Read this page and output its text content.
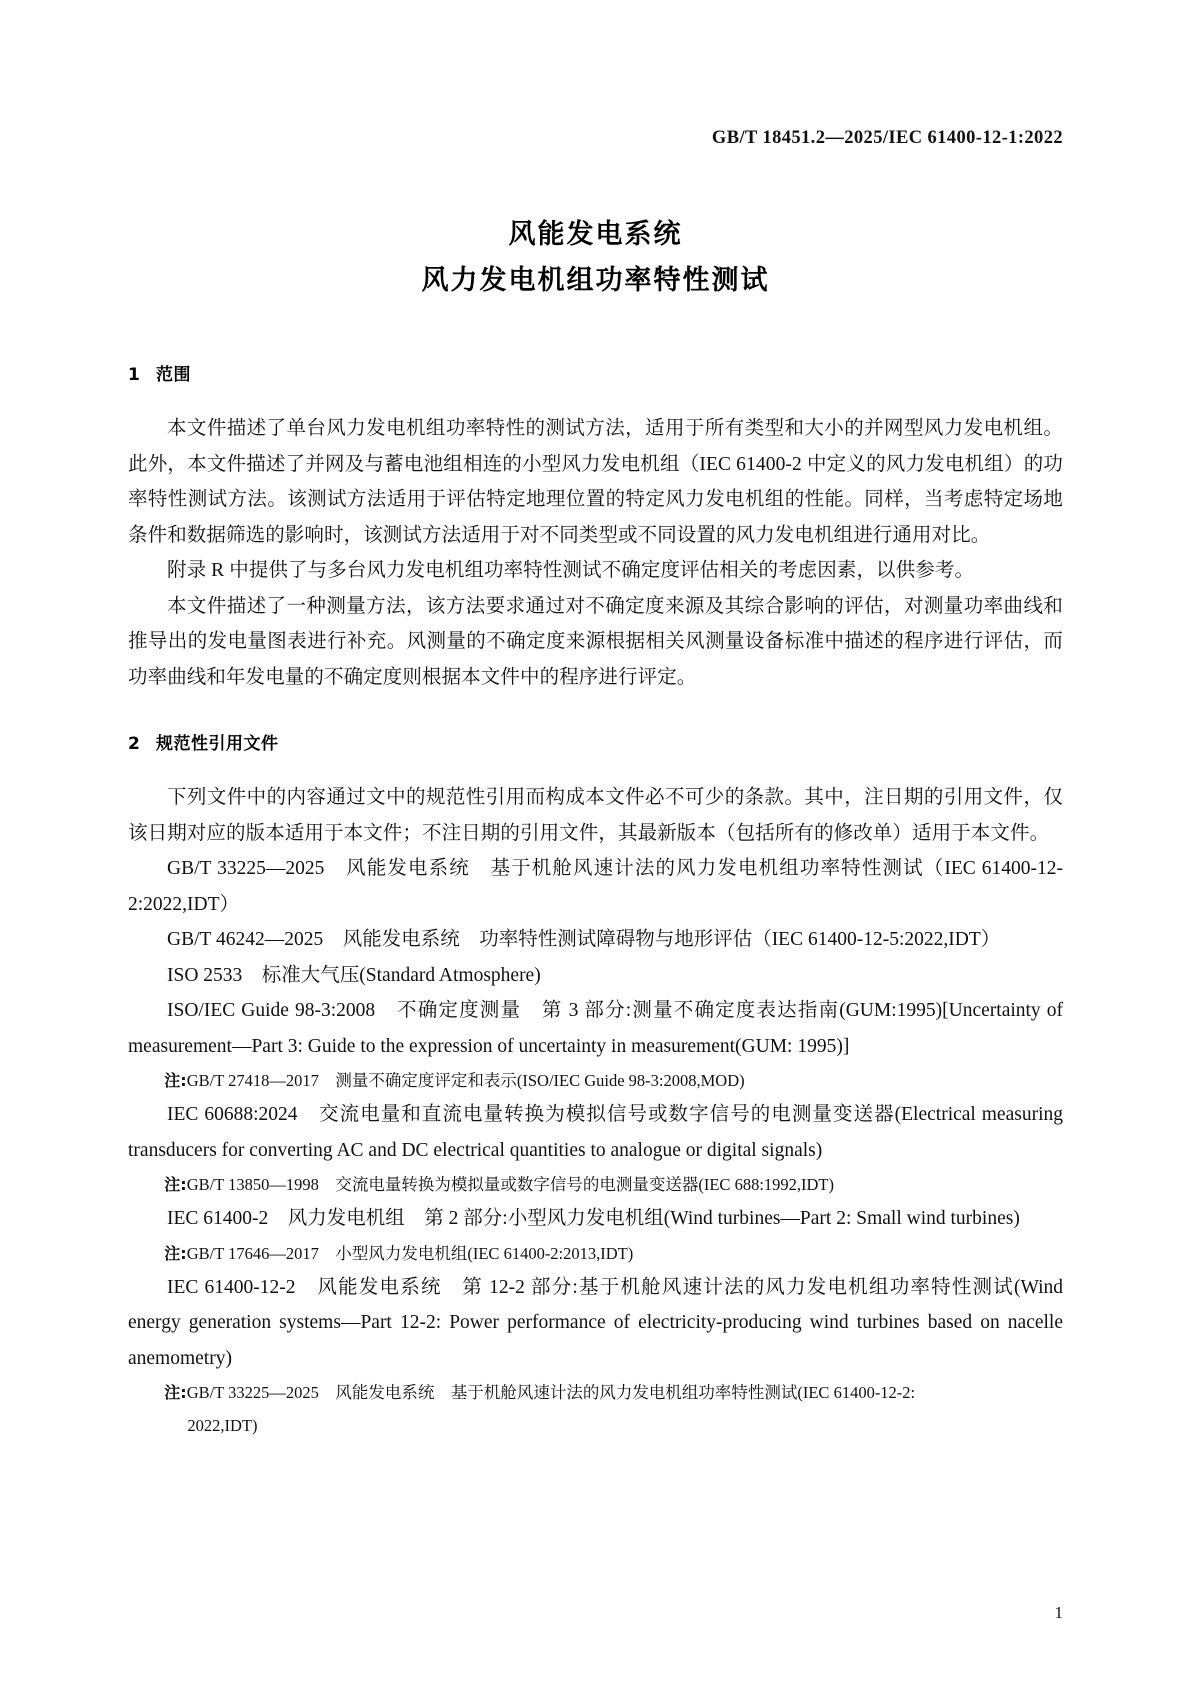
GB/T 18451.2—2025/IEC 61400-12-1:2022
风能发电系统
风力发电机组功率特性测试
1 范围

本文件描述了单台风力发电机组功率特性的测试方法，适用于所有类型和大小的并网型风力发电机组。此外，本文件描述了并网及与蓄电池组相连的小型风力发电机组（IEC 61400-2 中定义的风力发电机组）的功率特性测试方法。该测试方法适用于评估特定地理位置的特定风力发电机组的性能。同样，当考虑特定场地条件和数据筛选的影响时，该测试方法适用于对不同类型或不同设置的风力发电机组进行通用对比。

附录 R 中提供了与多台风力发电机组功率特性测试不确定度评估相关的考虑因素，以供参考。

本文件描述了一种测量方法，该方法要求通过对不确定度来源及其综合影响的评估，对测量功率曲线和推导出的发电量图表进行补充。风测量的不确定度来源根据相关风测量设备标准中描述的程序进行评估，而功率曲线和年发电量的不确定度则根据本文件中的程序进行评定。

2 规范性引用文件

下列文件中的内容通过文中的规范性引用而构成本文件必不可少的条款。其中，注日期的引用文件，仅该日期对应的版本适用于本文件；不注日期的引用文件，其最新版本（包括所有的修改单）适用于本文件。

GB/T 33225—2025　风能发电系统　基于机舱风速计法的风力发电机组功率特性测试（IEC 61400-12-2:2022,IDT）

GB/T 46242—2025　风能发电系统　功率特性测试障碍物与地形评估（IEC 61400-12-5:2022,IDT）

ISO 2533　标准大气压(Standard Atmosphere)

ISO/IEC Guide 98-3:2008　不确定度测量　第 3 部分:测量不确定度表达指南(GUM:1995)[Uncertainty of measurement—Part 3: Guide to the expression of uncertainty in measurement(GUM: 1995)]

注:GB/T 27418—2017　测量不确定度评定和表示(ISO/IEC Guide 98-3:2008,MOD)

IEC 60688:2024　交流电量和直流电量转换为模拟信号或数字信号的电测量变送器(Electrical measuring transducers for converting AC and DC electrical quantities to analogue or digital signals)

注:GB/T 13850—1998　交流电量转换为模拟量或数字信号的电测量变送器(IEC 688:1992,IDT)

IEC 61400-2　风力发电机组　第 2 部分:小型风力发电机组(Wind turbines—Part 2: Small wind turbines)

注:GB/T 17646—2017　小型风力发电机组(IEC 61400-2:2013,IDT)

IEC 61400-12-2　风能发电系统　第 12-2 部分:基于机舱风速计法的风力发电机组功率特性测试(Wind energy generation systems—Part 12-2: Power performance of electricity-producing wind turbines based on nacelle anemometry)

注:GB/T 33225—2025　风能发电系统　基于机舱风速计法的风力发电机组功率特性测试(IEC 61400-12-2:

2022,IDT)

1
